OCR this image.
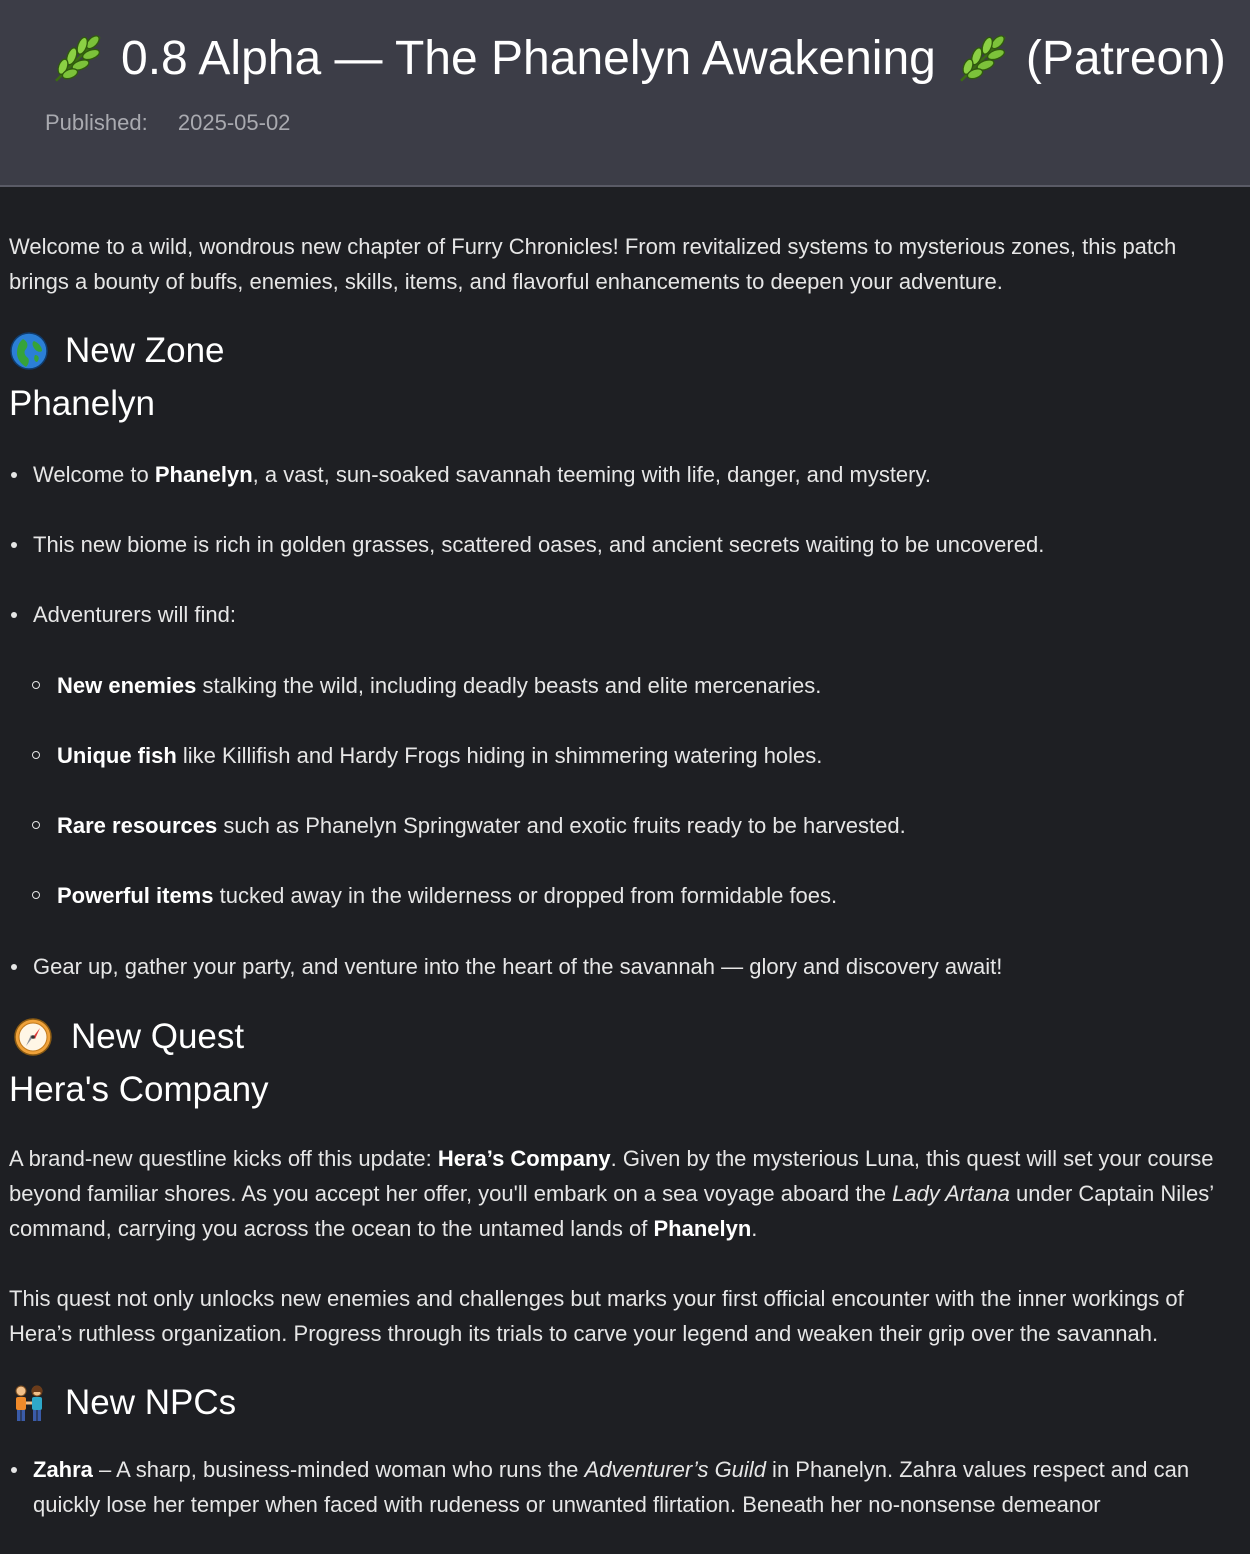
0.8 Alpha — The Phanelyn Awakening (Patreon)
Published: 2025-05-02

Welcome to a wild, wondrous new chapter of Furry Chronicles! From revitalized systems to mysterious zones, this patch brings a bounty of buffs, enemies, skills, items, and flavorful enhancements to deepen your adventure.

New Zone
Phanelyn
Welcome to Phanelyn, a vast, sun-soaked savannah teeming with life, danger, and mystery.
This new biome is rich in golden grasses, scattered oases, and ancient secrets waiting to be uncovered.
Adventurers will find:
New enemies stalking the wild, including deadly beasts and elite mercenaries.
Unique fish like Killifish and Hardy Frogs hiding in shimmering watering holes.
Rare resources such as Phanelyn Springwater and exotic fruits ready to be harvested.
Powerful items tucked away in the wilderness or dropped from formidable foes.
Gear up, gather your party, and venture into the heart of the savannah — glory and discovery await!
New Quest
Hera's Company

A brand-new questline kicks off this update: Hera’s Company. Given by the mysterious Luna, this quest will set your course beyond familiar shores. As you accept her offer, you'll embark on a sea voyage aboard the Lady Artana under Captain Niles’ command, carrying you across the ocean to the untamed lands of Phanelyn.

This quest not only unlocks new enemies and challenges but marks your first official encounter with the inner workings of Hera’s ruthless organization. Progress through its trials to carve your legend and weaken their grip over the savannah.

New NPCs
Zahra – A sharp, business-minded woman who runs the Adventurer’s Guild in Phanelyn. Zahra values respect and can quickly lose her temper when faced with rudeness or unwanted flirtation. Beneath her no-nonsense demeanor
